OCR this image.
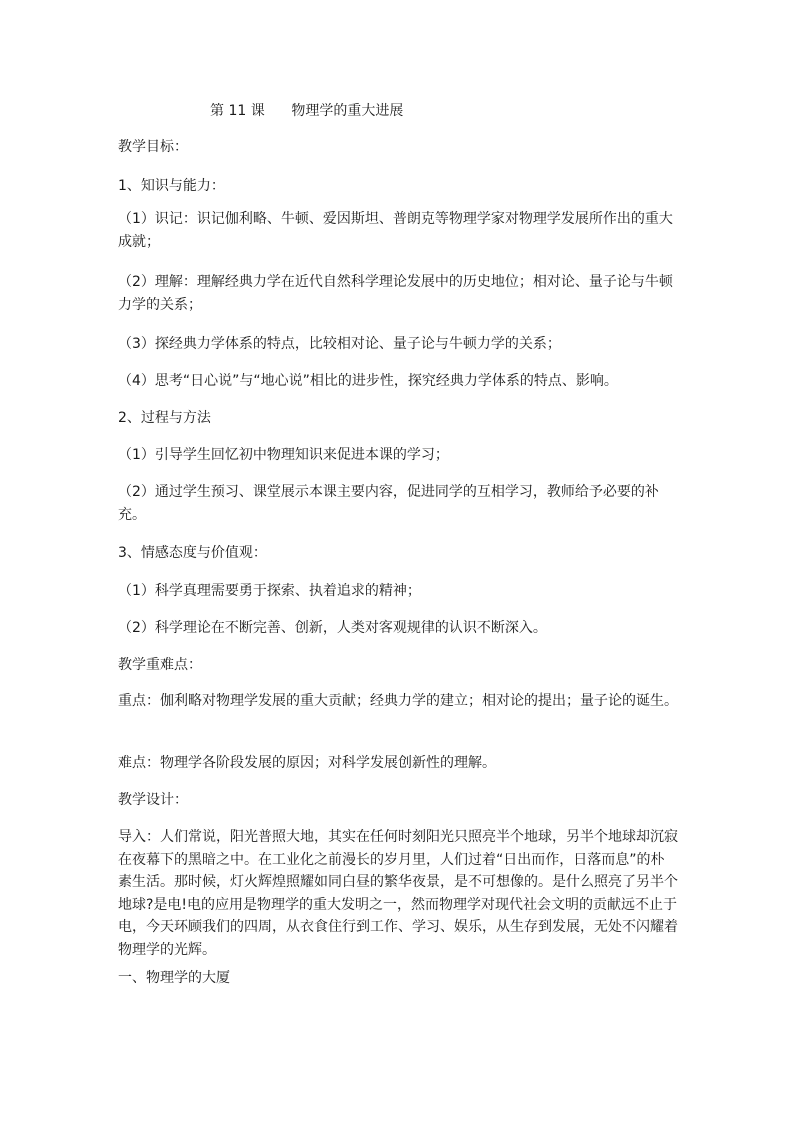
第 11 课      物理学的重大进展

教学目标：

1、知识与能力：

（1）识记：识记伽利略、牛顿、爱因斯坦、普朗克等物理学家对物理学发展所作出的重大成就；

（2）理解：理解经典力学在近代自然科学理论发展中的历史地位；相对论、量子论与牛顿力学的关系；

（3）探经典力学体系的特点，比较相对论、量子论与牛顿力学的关系；

（4）思考“日心说”与“地心说”相比的进步性，探究经典力学体系的特点、影响。

2、过程与方法

（1）引导学生回忆初中物理知识来促进本课的学习；

（2）通过学生预习、课堂展示本课主要内容，促进同学的互相学习，教师给予必要的补充。

3、情感态度与价值观：

（1）科学真理需要勇于探索、执着追求的精神；

（2）科学理论在不断完善、创新，人类对客观规律的认识不断深入。

教学重难点：

重点：伽利略对物理学发展的重大贡献；经典力学的建立；相对论的提出；量子论的诞生。

难点：物理学各阶段发展的原因；对科学发展创新性的理解。

教学设计：

导入：人们常说，阳光普照大地，其实在任何时刻阳光只照亮半个地球，另半个地球却沉寂在夜幕下的黑暗之中。在工业化之前漫长的岁月里，人们过着“日出而作，日落而息”的朴素生活。那时候，灯火辉煌照耀如同白昼的繁华夜景，是不可想像的。是什么照亮了另半个地球?是电!电的应用是物理学的重大发明之一，然而物理学对现代社会文明的贡献远不止于电，今天环顾我们的四周，从衣食住行到工作、学习、娱乐，从生存到发展，无处不闪耀着物理学的光辉。

一、物理学的大厦
